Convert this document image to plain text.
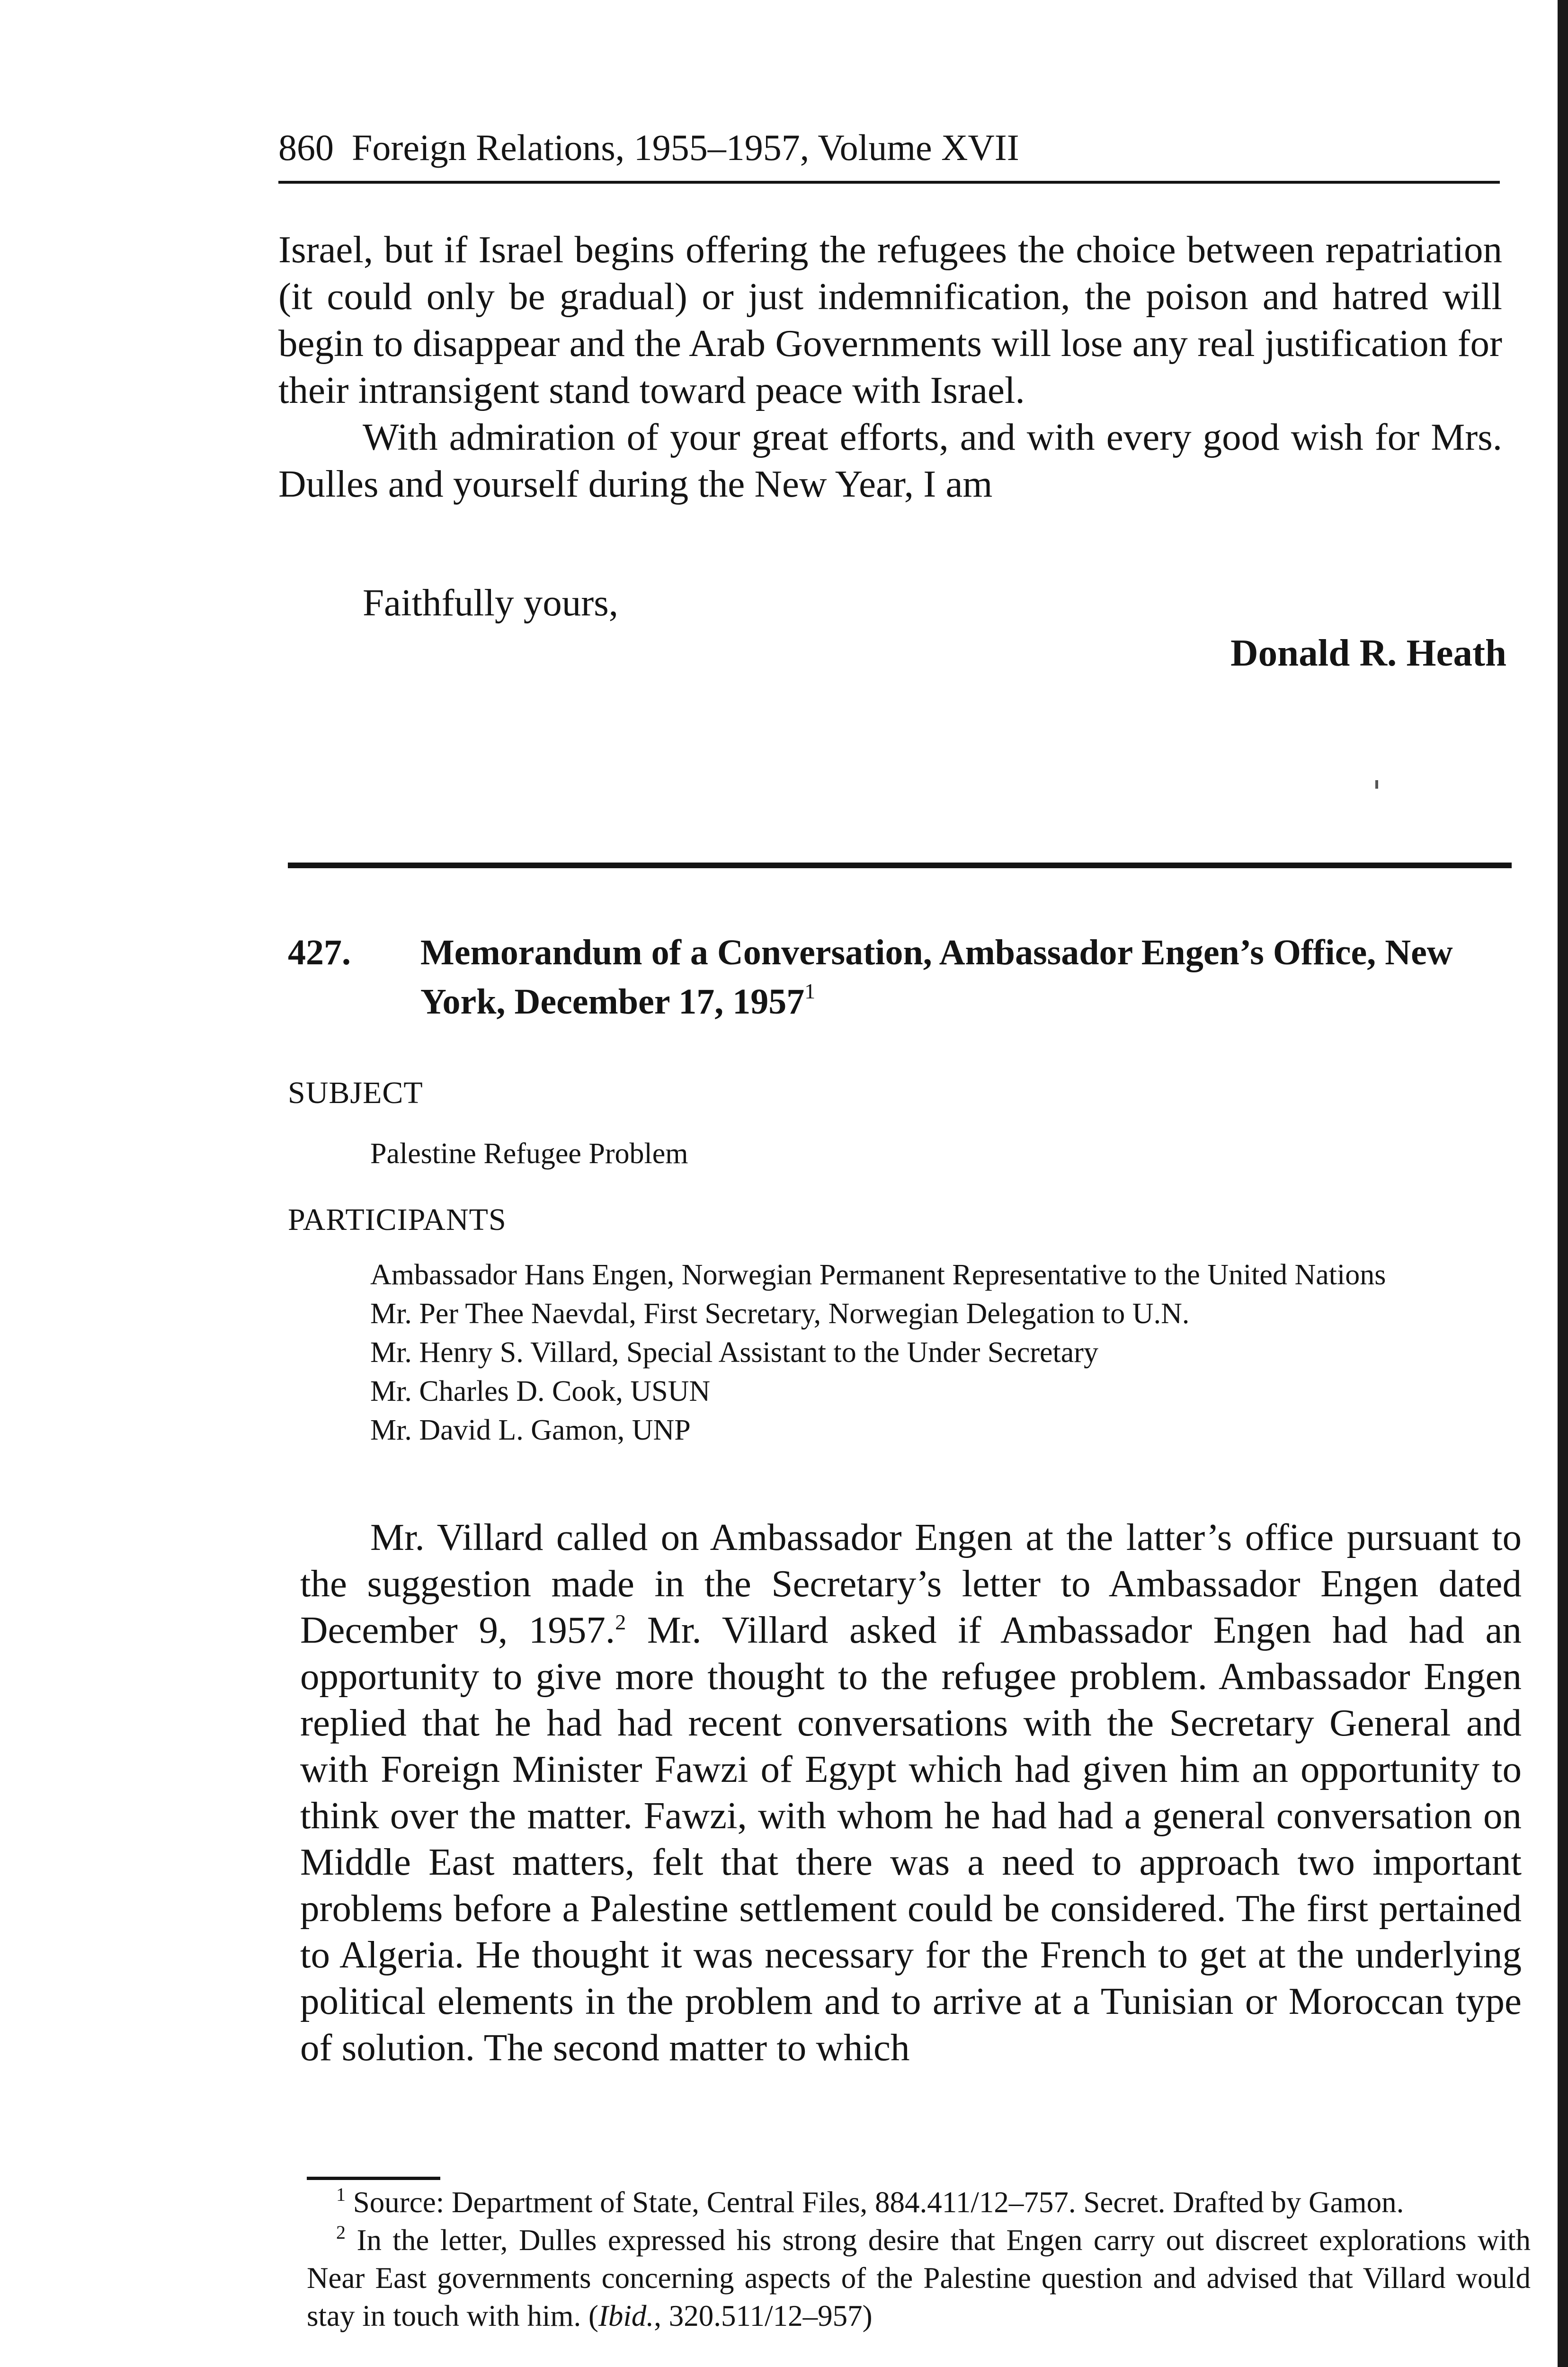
860 Foreign Relations, 1955–1957, Volume XVII

Israel, but if Israel begins offering the refugees the choice between repatriation (it could only be gradual) or just indemnification, the poison and hatred will begin to disappear and the Arab Governments will lose any real justification for their intransigent stand toward peace with Israel.

With admiration of your great efforts, and with every good wish for Mrs. Dulles and yourself during the New Year, I am

Faithfully yours,
Donald R. Heath
427. Memorandum of a Conversation, Ambassador Engen’s Office, New York, December 17, 1957$^1$
SUBJECT
Palestine Refugee Problem
PARTICIPANTS
Ambassador Hans Engen, Norwegian Permanent Representative to the United Nations
Mr. Per Thee Naevdal, First Secretary, Norwegian Delegation to U.N.
Mr. Henry S. Villard, Special Assistant to the Under Secretary
Mr. Charles D. Cook, USUN
Mr. David L. Gamon, UNP

Mr. Villard called on Ambassador Engen at the latter’s office pursuant to the suggestion made in the Secretary’s letter to Ambassador Engen dated December 9, 1957.$^2$ Mr. Villard asked if Ambassador Engen had had an opportunity to give more thought to the refugee problem. Ambassador Engen replied that he had had recent conversations with the Secretary General and with Foreign Minister Fawzi of Egypt which had given him an opportunity to think over the matter. Fawzi, with whom he had had a general conversation on Middle East matters, felt that there was a need to approach two important problems before a Palestine settlement could be considered. The first pertained to Algeria. He thought it was necessary for the French to get at the underlying political elements in the problem and to arrive at a Tunisian or Moroccan type of solution. The second matter to which

$^1$ Source: Department of State, Central Files, 884.411/12–757. Secret. Drafted by Gamon.

$^2$ In the letter, Dulles expressed his strong desire that Engen carry out discreet explorations with Near East governments concerning aspects of the Palestine question and advised that Villard would stay in touch with him. (Ibid., 320.511/12–957)
